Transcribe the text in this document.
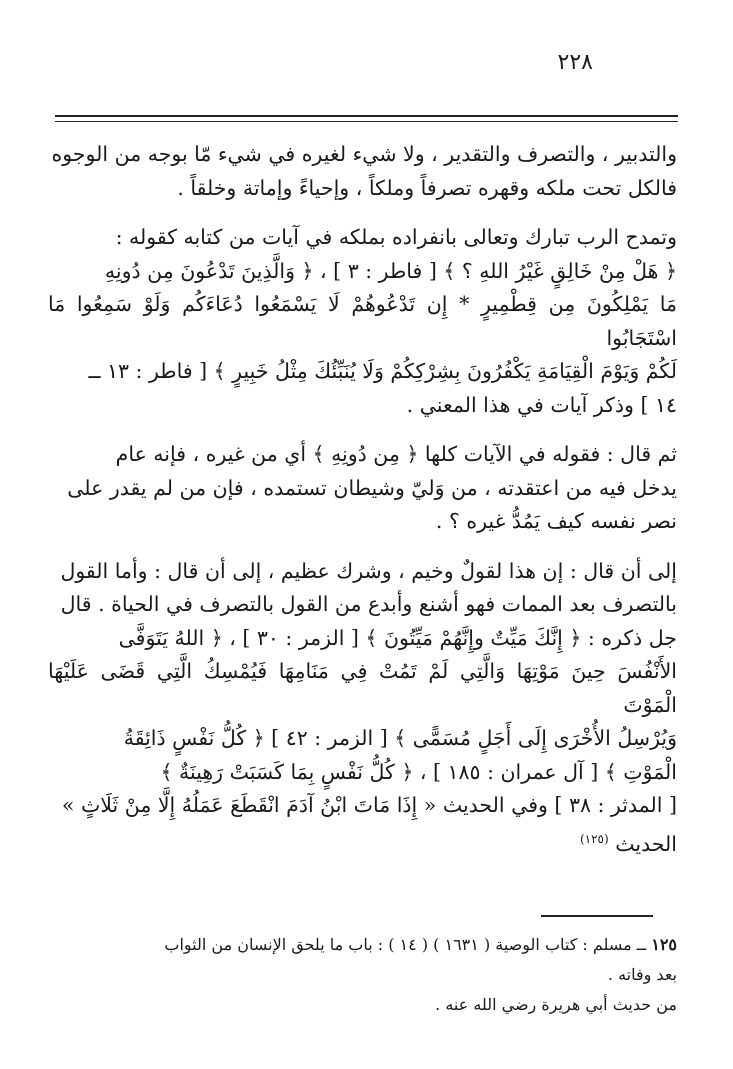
٢٢٨

والتدبير ، والتصرف والتقدير ، ولا شيء لغيره في شيء مّا بوجه من الوجوه

فالكل تحت ملكه وقهره تصرفاً وملكاً ، وإحياءً وإماتة وخلقاً .

وتمدح الرب تبارك وتعالى بانفراده بملكه في آيات من كتابه كقوله :

﴿ هَلْ مِنْ خَالِقٍ غَيْرُ اللهِ ؟ ﴾ [ فاطر : ٣ ] ، ﴿ وَالَّذِينَ تَدْعُونَ مِن دُونِهِ

مَا يَمْلِكُونَ مِن قِطْمِيرٍ * إِن تَدْعُوهُمْ لَا يَسْمَعُوا دُعَاءَكُم وَلَوْ سَمِعُوا مَا اسْتَجَابُوا

لَكُمْ وَيَوْمَ الْقِيَامَةِ يَكْفُرُونَ بِشِرْكِكُمْ وَلَا يُنَبِّئُكَ مِثْلُ خَبِيرٍ ﴾ [ فاطر : ١٣ ــ

١٤ ] وذكر آيات في هذا المعني .

ثم قال : فقوله في الآيات كلها ﴿ مِن دُونِهِ ﴾ أي من غيره ، فإنه عام

يدخل فيه من اعتقدته ، من وَليّ وشيطان تستمده ، فإن من لم يقدر على

نصر نفسه كيف يَمُدُّ غيره ؟ .

إلى أن قال : إن هذا لقولٌ وخيم ، وشرك عظيم ، إلى أن قال : وأما القول

بالتصرف بعد الممات فهو أشنع وأبدع من القول بالتصرف في الحياة . قال

جل ذكره : ﴿ إِنَّكَ مَيِّتٌ وإِنَّهُمْ مَيِّتُونَ ﴾ [ الزمر : ٣٠ ] ، ﴿ اللهُ يَتَوَفَّى

الأَنْفُسَ حِينَ مَوْتِهَا وَالَّتِي لَمْ تَمُتْ فِي مَنَامِهَا فَيُمْسِكُ الَّتِي قَضَى عَلَيْهَا الْمَوْتَ

وَيُرْسِلُ الأُخْرَى إِلَى أَجَلٍ مُسَمًّى ﴾ [ الزمر : ٤٢ ] ﴿ كُلُّ نَفْسٍ ذَائِقَةُ

الْمَوْتِ ﴾ [ آل عمران : ١٨٥ ] ، ﴿ كُلُّ نَفْسٍ بِمَا كَسَبَتْ رَهِينَةٌ ﴾

[ المدثر : ٣٨ ] وفي الحديث « إِذَا مَاتَ ابْنُ آدَمَ انْقَطَعَ عَمَلُهُ إِلَّا مِنْ ثَلَاثٍ »

الحديث $^{(١٢٥)}$

١٢٥ ــ مسلم : كتاب الوصية ( ١٦٣١ ) ( ١٤ ) : باب ما يلحق الإنسان من الثواب

بعد وفاته .

من حديث أبي هريرة رضي الله عنه .
